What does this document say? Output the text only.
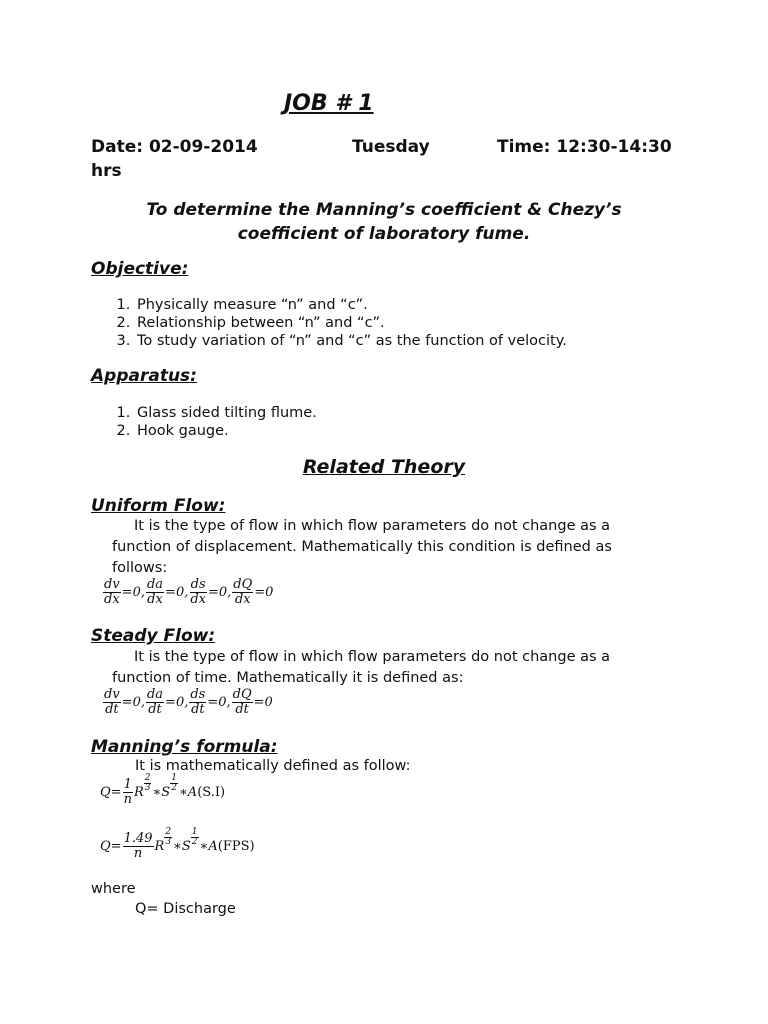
JOB # 1
Date: 02-09-2014	Tuesday	Time: 12:30-14:30
hrs
To determine the Manning’s coefficient & Chezy’s
coefficient of laboratory fume.
Objective:
1. Physically measure “n” and “c”.
2. Relationship between “n” and “c”.
3. To study variation of “n” and “c” as the function of velocity.
Apparatus:
1. Glass sided tilting flume.
2. Hook gauge.
Related Theory
Uniform Flow:
It is the type of flow in which flow parameters do not change as a
function of displacement. Mathematically this condition is defined as
follows:
$\frac{dv}{dx} =0$, $\frac{da}{dx} =0$, $\frac{ds}{dx} =0$, $\frac{dQ}{dx} =0$
Steady Flow:
It is the type of flow in which flow parameters do not change as a
function of time. Mathematically it is defined as:
$\frac{dv}{dt} =0$, $\frac{da}{dt} =0$, $\frac{ds}{dt} =0$, $\frac{dQ}{dt} =0$
Manning’s formula:
It is mathematically defined as follow:
$Q= \frac{1}{n}$ R $\frac{2}{3}$ ∗S $\frac{1}{2}$ ∗A (S.I)
$Q= \frac{1.49}{n}$ R $\frac{2}{3}$ ∗S $\frac{1}{2}$ ∗A (FPS)
where
Q= Discharge
